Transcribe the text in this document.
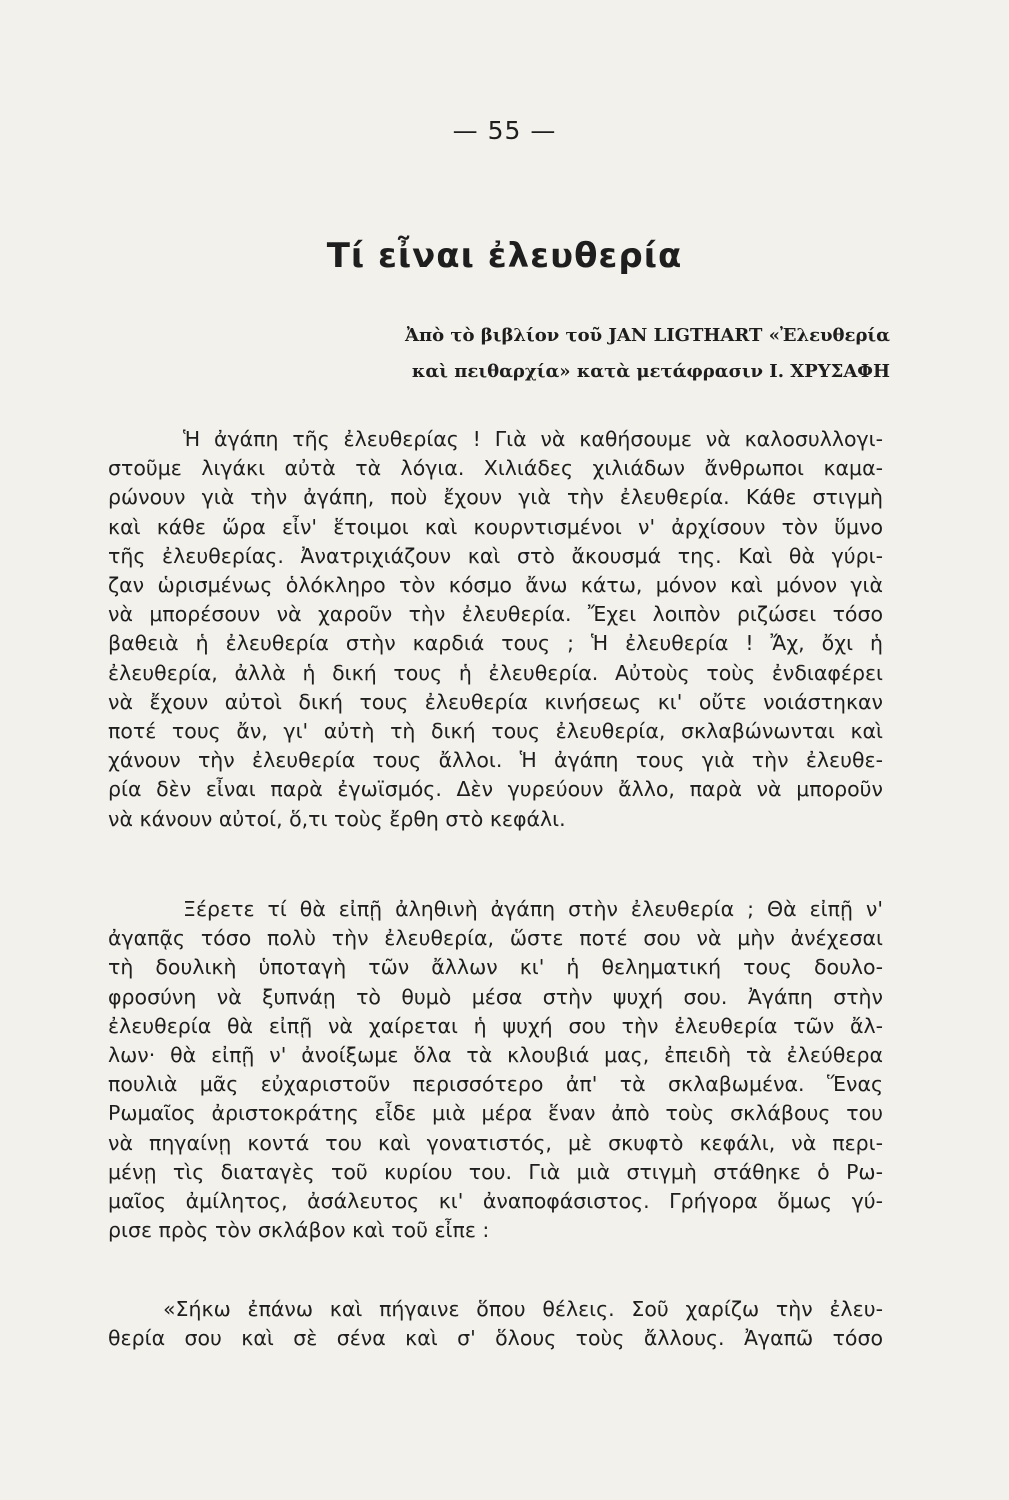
— 55 —
Τί εἶναι ἐλευθερία
Ἀπὸ τὸ βιβλίον τοῦ JAN LIGTHART «Ἐλευθερία
καὶ πειθαρχία» κατὰ μετάφρασιν Ι. ΧΡΥΣΑΦΗ
Ἡ ἀγάπη τῆς ἐλευθερίας ! Γιὰ νὰ καθήσουμε νὰ καλοσυλλογι-
στοῦμε λιγάκι αὐτὰ τὰ λόγια. Χιλιάδες χιλιάδων ἄνθρωποι καμα-
ρώνουν γιὰ τὴν ἀγάπη, ποὺ ἔχουν γιὰ τὴν ἐλευθερία. Κάθε στιγμὴ
καὶ κάθε ὥρα εἶν' ἕτοιμοι καὶ κουρντισμένοι ν' ἀρχίσουν τὸν ὕμνο
τῆς ἐλευθερίας. Ἀνατριχιάζουν καὶ στὸ ἄκουσμά της. Καὶ θὰ γύρι-
ζαν ὡρισμένως ὁλόκληρο τὸν κόσμο ἄνω κάτω, μόνον καὶ μόνον γιὰ
νὰ μπορέσουν νὰ χαροῦν τὴν ἐλευθερία. Ἔχει λοιπὸν ριζώσει τόσο
βαθειὰ ἡ ἐλευθερία στὴν καρδιά τους ; Ἡ ἐλευθερία ! Ἄχ, ὄχι ἡ
ἐλευθερία, ἀλλὰ ἡ δική τους ἡ ἐλευθερία. Αὐτοὺς τοὺς ἐνδιαφέρει
νὰ ἔχουν αὐτοὶ δική τους ἐλευθερία κινήσεως κι' οὔτε νοιάστηκαν
ποτέ τους ἄν, γι' αὐτὴ τὴ δική τους ἐλευθερία, σκλαβώνωνται καὶ
χάνουν τὴν ἐλευθερία τους ἄλλοι. Ἡ ἀγάπη τους γιὰ τὴν ἐλευθε-
ρία δὲν εἶναι παρὰ ἐγωϊσμός. Δὲν γυρεύουν ἄλλο, παρὰ νὰ μποροῦν
νὰ κάνουν αὐτοί, ὅ,τι τοὺς ἔρθη στὸ κεφάλι.
Ξέρετε τί θὰ εἰπῇ ἀληθινὴ ἀγάπη στὴν ἐλευθερία ; Θὰ εἰπῇ ν'
ἀγαπᾷς τόσο πολὺ τὴν ἐλευθερία, ὥστε ποτέ σου νὰ μὴν ἀνέχεσαι
τὴ δουλικὴ ὑποταγὴ τῶν ἄλλων κι' ἡ θεληματική τους δουλο-
φροσύνη νὰ ξυπνάῃ τὸ θυμὸ μέσα στὴν ψυχή σου. Ἀγάπη στὴν
ἐλευθερία θὰ εἰπῇ νὰ χαίρεται ἡ ψυχή σου τὴν ἐλευθερία τῶν ἄλ-
λων· θὰ εἰπῇ ν' ἀνοίξωμε ὅλα τὰ κλουβιά μας, ἐπειδὴ τὰ ἐλεύθερα
πουλιὰ μᾶς εὐχαριστοῦν περισσότερο ἀπ' τὰ σκλαβωμένα. Ἕνας
Ρωμαῖος ἀριστοκράτης εἶδε μιὰ μέρα ἕναν ἀπὸ τοὺς σκλάβους του
νὰ πηγαίνῃ κοντά του καὶ γονατιστός, μὲ σκυφτὸ κεφάλι, νὰ περι-
μένῃ τὶς διαταγὲς τοῦ κυρίου του. Γιὰ μιὰ στιγμὴ στάθηκε ὁ Ρω-
μαῖος ἀμίλητος, ἀσάλευτος κι' ἀναποφάσιστος. Γρήγορα ὅμως γύ-
ρισε πρὸς τὸν σκλάβον καὶ τοῦ εἶπε :
«Σήκω ἐπάνω καὶ πήγαινε ὅπου θέλεις. Σοῦ χαρίζω τὴν ἐλευ-
θερία σου καὶ σὲ σένα καὶ σ' ὅλους τοὺς ἄλλους. Ἀγαπῶ τόσο
